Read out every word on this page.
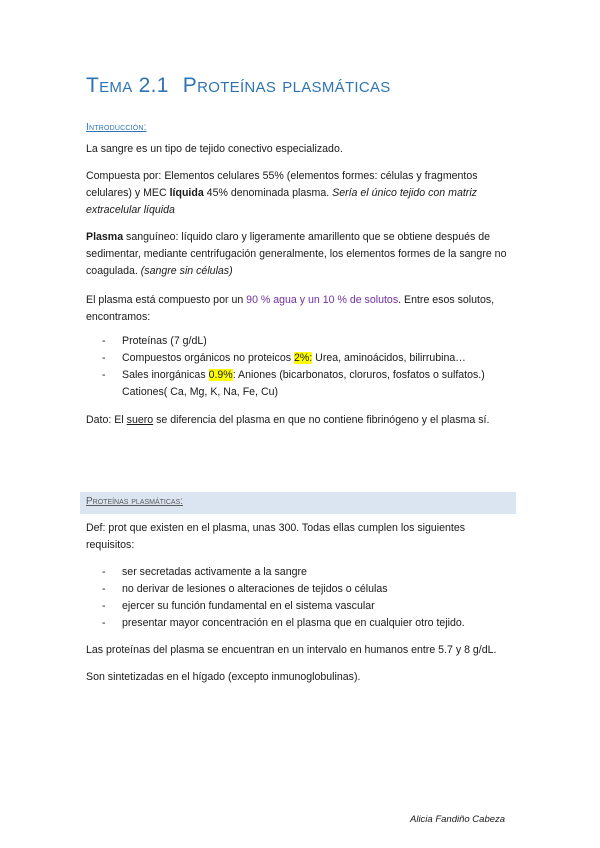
Tema 2.1 Proteínas plasmáticas
Introducción:

La sangre es un tipo de tejido conectivo especializado.

Compuesta por: Elementos celulares 55% (elementos formes: células y fragmentos celulares) y MEC líquida 45% denominada plasma. Sería el único tejido con matriz extracelular líquida

Plasma sanguíneo: líquido claro y ligeramente amarillento que se obtiene después de sedimentar, mediante centrifugación generalmente, los elementos formes de la sangre no coagulada. (sangre sin células)

El plasma está compuesto por un 90 % agua y un 10 % de solutos. Entre esos solutos, encontramos:

- Proteínas (7 g/dL)
- Compuestos orgánicos no proteicos 2%: Urea, aminoácidos, bilirrubina…
- Sales inorgánicas 0.9%: Aniones (bicarbonatos, cloruros, fosfatos o sulfatos.) Cationes( Ca, Mg, K, Na, Fe, Cu)

Dato: El suero se diferencia del plasma en que no contiene fibrinógeno y el plasma sí.

Proteínas plasmáticas:

Def: prot que existen en el plasma, unas 300. Todas ellas cumplen los siguientes requisitos:

- ser secretadas activamente a la sangre
- no derivar de lesiones o alteraciones de tejidos o células
- ejercer su función fundamental en el sistema vascular
- presentar mayor concentración en el plasma que en cualquier otro tejido.

Las proteínas del plasma se encuentran en un intervalo en humanos entre 5.7 y 8 g/dL.

Son sintetizadas en el hígado (excepto inmunoglobulinas).

Alicia Fandiño Cabeza
